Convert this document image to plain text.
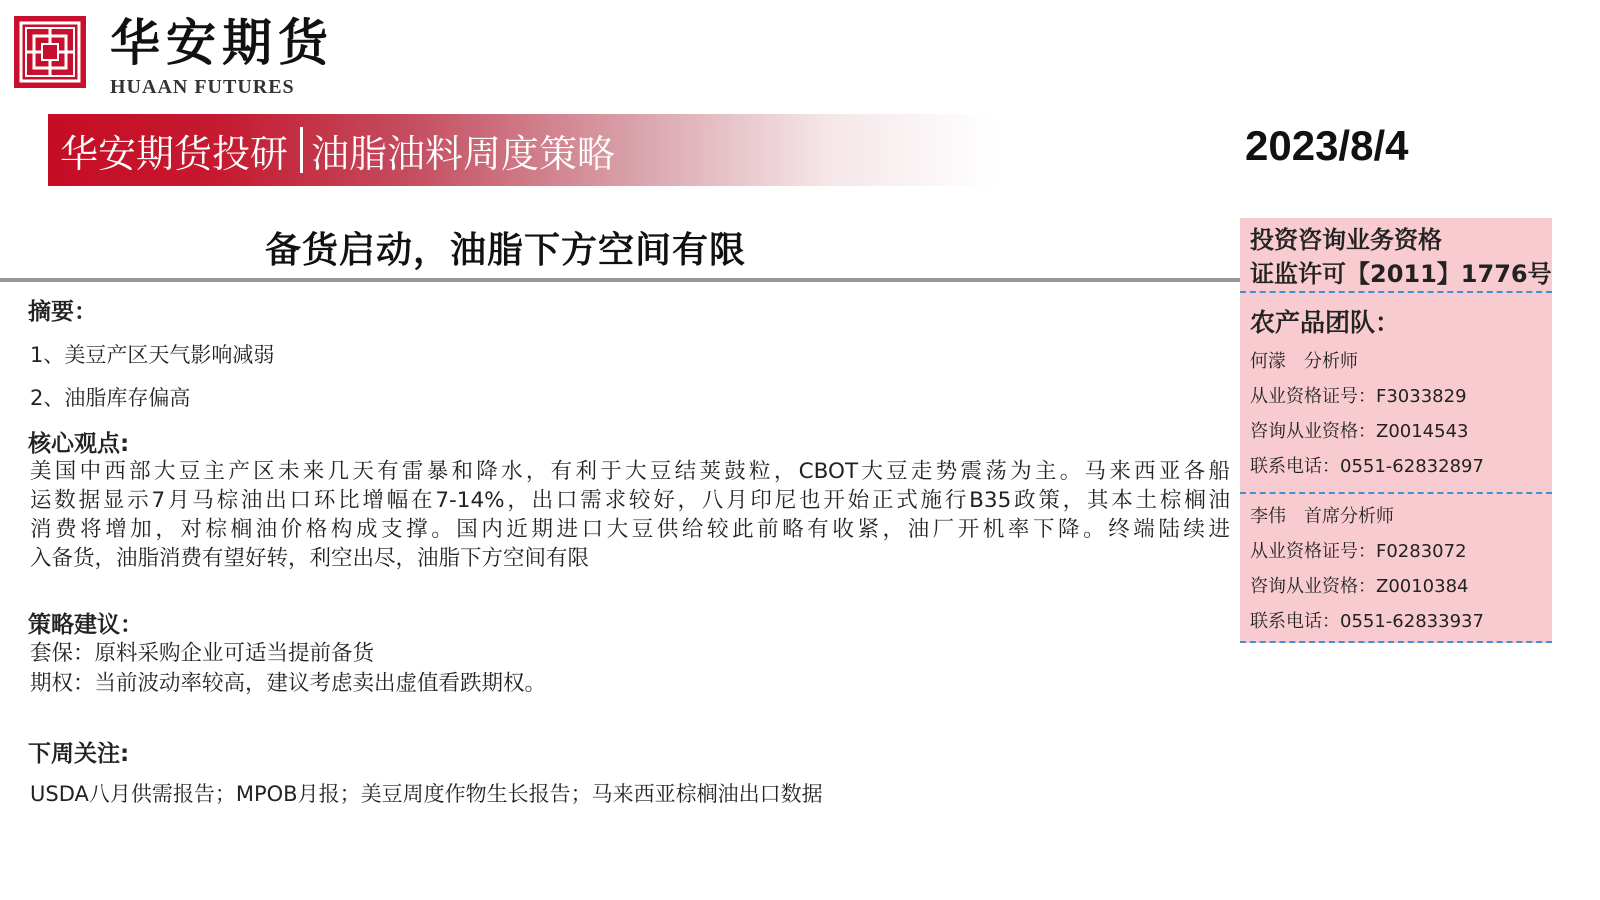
华安期货
HUAAN FUTURES
华安期货投研 油脂油料周度策略	2023/8/4
备货启动，油脂下方空间有限
摘要：
1、美豆产区天气影响减弱
2、油脂库存偏高
核心观点:
美国中西部大豆主产区未来几天有雷暴和降水，有利于大豆结荚鼓粒，CBOT大豆走势震荡为主。马来西亚各船
运数据显示7月马棕油出口环比增幅在7-14%，出口需求较好，八月印尼也开始正式施行B35政策，其本土棕榈油
消费将增加，对棕榈油价格构成支撑。国内近期进口大豆供给较此前略有收紧，油厂开机率下降。终端陆续进
入备货，油脂消费有望好转，利空出尽，油脂下方空间有限
策略建议：
套保：原料采购企业可适当提前备货
期权：当前波动率较高，建议考虑卖出虚值看跌期权。
下周关注:
USDA八月供需报告；MPOB月报；美豆周度作物生长报告；马来西亚棕榈油出口数据
投资咨询业务资格
证监许可【2011】1776号
农产品团队：
何濛　分析师
从业资格证号：F3033829
咨询从业资格：Z0014543
联系电话：0551-62832897
李伟　首席分析师
从业资格证号：F0283072
咨询从业资格：Z0010384
联系电话：0551-62833937
